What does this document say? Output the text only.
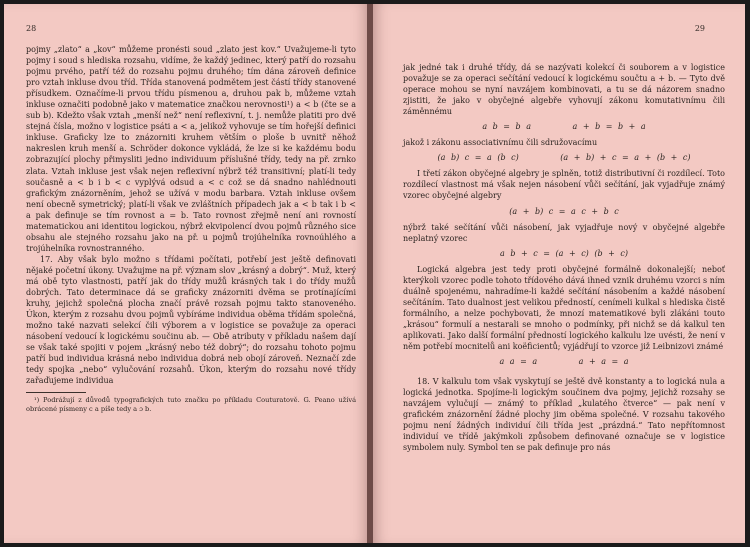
28

pojmy „zlato“ a „kov“ můžeme pronésti soud „zlato jest kov.“ Uvažujeme-li tyto pojmy i soud s hlediska rozsahu, vidíme, že každý jedinec, který patří do rozsahu pojmu prvého, patří též do rozsahu pojmu druhého; tím dána zároveň definice pro vztah inkluse dvou tříd. Třída stanovená podmětem jest částí třídy stanovené přísudkem. Označíme-li prvou třídu písmenou a, druhou pak b, můžeme vztah inkluse označiti podobně jako v matematice značkou nerovnosti¹) a < b (čte se a sub b). Kdežto však vztah „menší než“ není reflexivní, t. j. nemůže platiti pro dvě stejná čísla, možno v logistice psáti a < a, jelikož vyhovuje se tím hořejší definici inkluse. Graficky lze to znázorniti kruhem větším o ploše b uvnitř něhož nakreslen kruh menší a. Schröder dokonce vykládá, že lze si ke každému bodu zobrazující plochy přimysliti jedno individuum příslušné třídy, tedy na př. zrnko zlata. Vztah inkluse jest však nejen reflexivní nýbrž též transitivní; platí-li tedy současně a < b i b < c vyplývá odsud a < c což se dá snadno nahlédnouti grafickým znázorněním, jehož se užívá v modu barbara. Vztah inkluse ovšem není obecně symetrický; platí-li však ve zvláštních případech jak a < b tak i b < a pak definuje se tím rovnost a = b. Tato rovnost zřejmě není ani rovností matematickou ani identitou logickou, nýbrž ekvipolencí dvou pojmů různého sice obsahu ale stejného rozsahu jako na př. u pojmů trojúhelníka rovnoúhlého a trojúhelníka rovnostranného.

17. Aby však bylo možno s třídami počítati, potřebí jest ještě definovati nějaké početní úkony. Uvažujme na př. význam slov „krásný a dobrý“. Muž, který má obě tyto vlastnosti, patří jak do třídy mužů krásných tak i do třídy mužů dobrých. Tato determinace dá se graficky znázorniti dvěma se protínajícími kruhy, jejichž společná plocha značí právě rozsah pojmu takto stanoveného. Úkon, kterým z rozsahu dvou pojmů vybíráme individua oběma třídám společná, možno také nazvati selekcí čili výborem a v logistice se považuje za operaci násobení vedoucí k logickému součinu ab. — Obě atributy v příkladu našem dají se však také spojiti v pojem „krásný nebo též dobrý“; do rozsahu tohoto pojmu patří bud individua krásná nebo individua dobrá neb obojí zároveň. Neznačí zde tedy spojka „nebo“ vylučování rozsahů. Úkon, kterým do rozsahu nové třídy zařaďujeme individua

¹) Podrážují z důvodů typografických tuto značku po příkladu Couturatově. G. Peano užívá obrácené písmeny c a píše tedy a ɔ b.

29

jak jedné tak i druhé třídy, dá se nazývati kolekcí či souborem a v logistice považuje se za operaci sečítání vedoucí k logickému součtu a + b. — Tyto dvě operace mohou se nyní navzájem kombinovati, a tu se dá názorem snadno zjistiti, že jako v obyčejné algebře vyhovují zákonu komutativnímu čili záměnnému

a b = b a	a + b = b + a

jakož i zákonu associativnímu čili sdružovacímu

(a b) c = a (b c)	(a + b) + c = a + (b + c)

I třetí zákon obyčejné algebry je splněn, totiž distributivní či rozdílecí. Toto rozdílecí vlastnost má však nejen násobení vůči sečítání, jak vyjadřuje známý vzorec obyčejné algebry

(a + b) c = a c + b c

nýbrž také sečítání vůči násobení, jak vyjadřuje nový v obyčejné algebře neplatný vzorec

a b + c = (a + c) (b + c)

Logická algebra jest tedy proti obyčejné formálně dokonalejší; neboť kterýkoli vzorec podle tohoto třídového dává ihned vznik druhému vzorci s ním duálně spojenému, nahradíme-li každé sečítání násobením a každé násobení sečítáním. Tato dualnost jest velikou předností, cenímeli kulkal s hlediska čistě formálního, a nelze pochybovati, že mnozí matematikové byli zlákáni touto „krásou“ formulí a nestarali se mnoho o podmínky, při nichž se dá kalkul ten aplikovati. Jako další formální předností logického kalkulu lze uvésti, že není v něm potřebí mocnitelů ani koëficientů; vyjádřují to vzorce již Leibnizovi známé

a a = a	a + a = a

18. V kalkulu tom však vyskytují se ještě dvě konstanty a to logická nula a logická jednotka. Spojíme-li logickým součinem dva pojmy, jejichž rozsahy se navzájem vylučují — známý to příklad „kulatého čtverce“ — pak není v grafickém znázornění žádné plochy jim oběma společné. V rozsahu takového pojmu není žádných individuí čili třída jest „prázdná.“ Tato nepřítomnost individuí ve třídě jakýmkoli způsobem definované označuje se v logistice symbolem nuly. Symbol ten se pak definuje pro nás
